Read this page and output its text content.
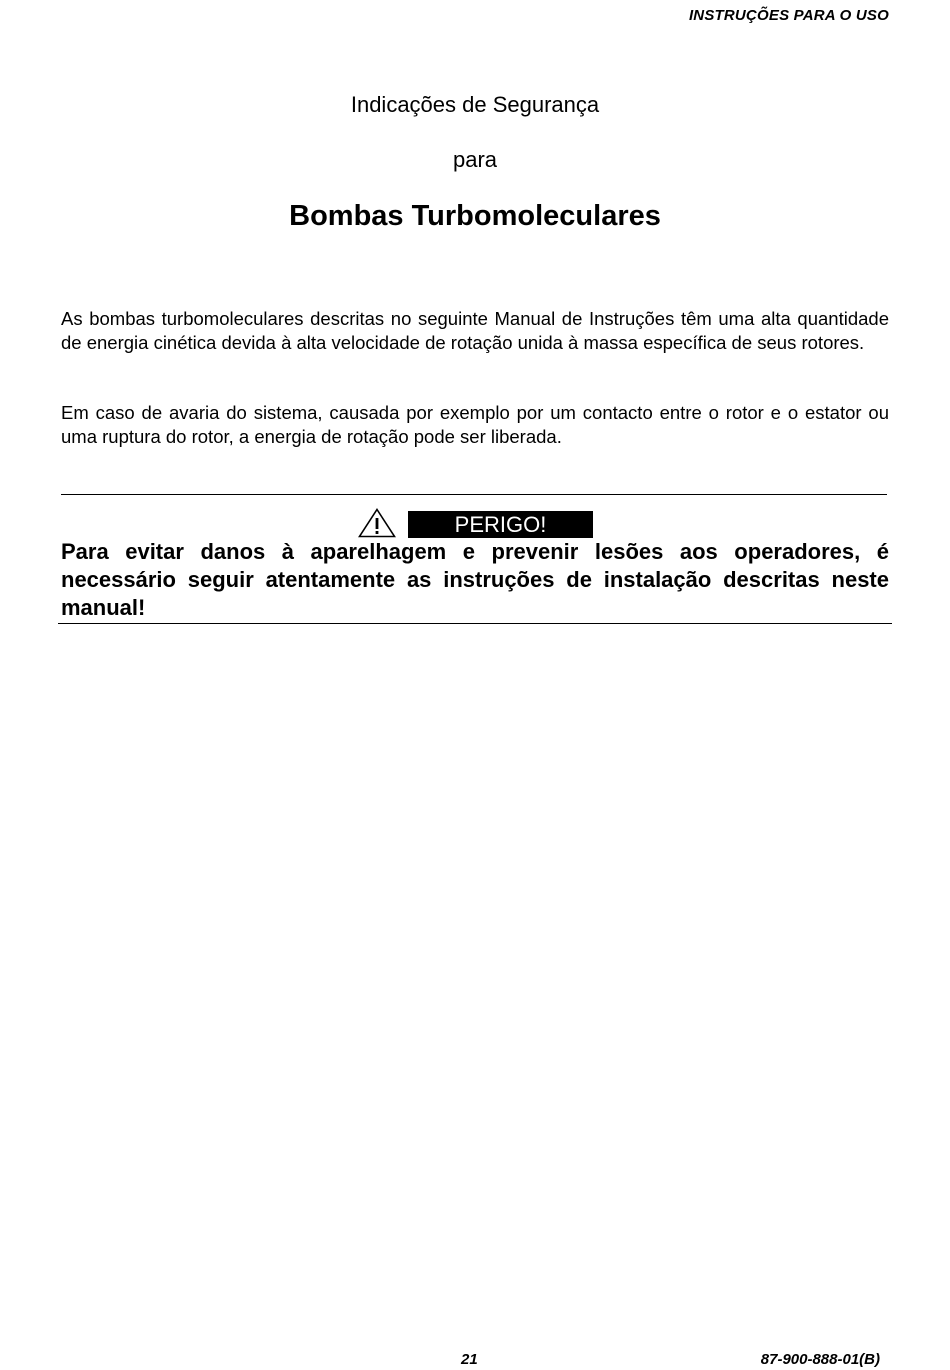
INSTRUÇÕES PARA O USO
Indicações de Segurança
para
Bombas Turbomoleculares

As bombas turbomoleculares descritas no seguinte Manual de Instruções têm uma alta quantidade de energia cinética devida à alta velocidade de rotação unida à massa específica de seus rotores.

Em caso de avaria do sistema, causada por exemplo por um contacto entre o rotor e o estator ou uma ruptura do rotor, a energia de rotação pode ser liberada.

PERIGO!

Para evitar danos à aparelhagem e prevenir lesões aos operadores, é necessário seguir atentamente as instruções de instalação descritas neste manual!

21	87-900-888-01(B)
